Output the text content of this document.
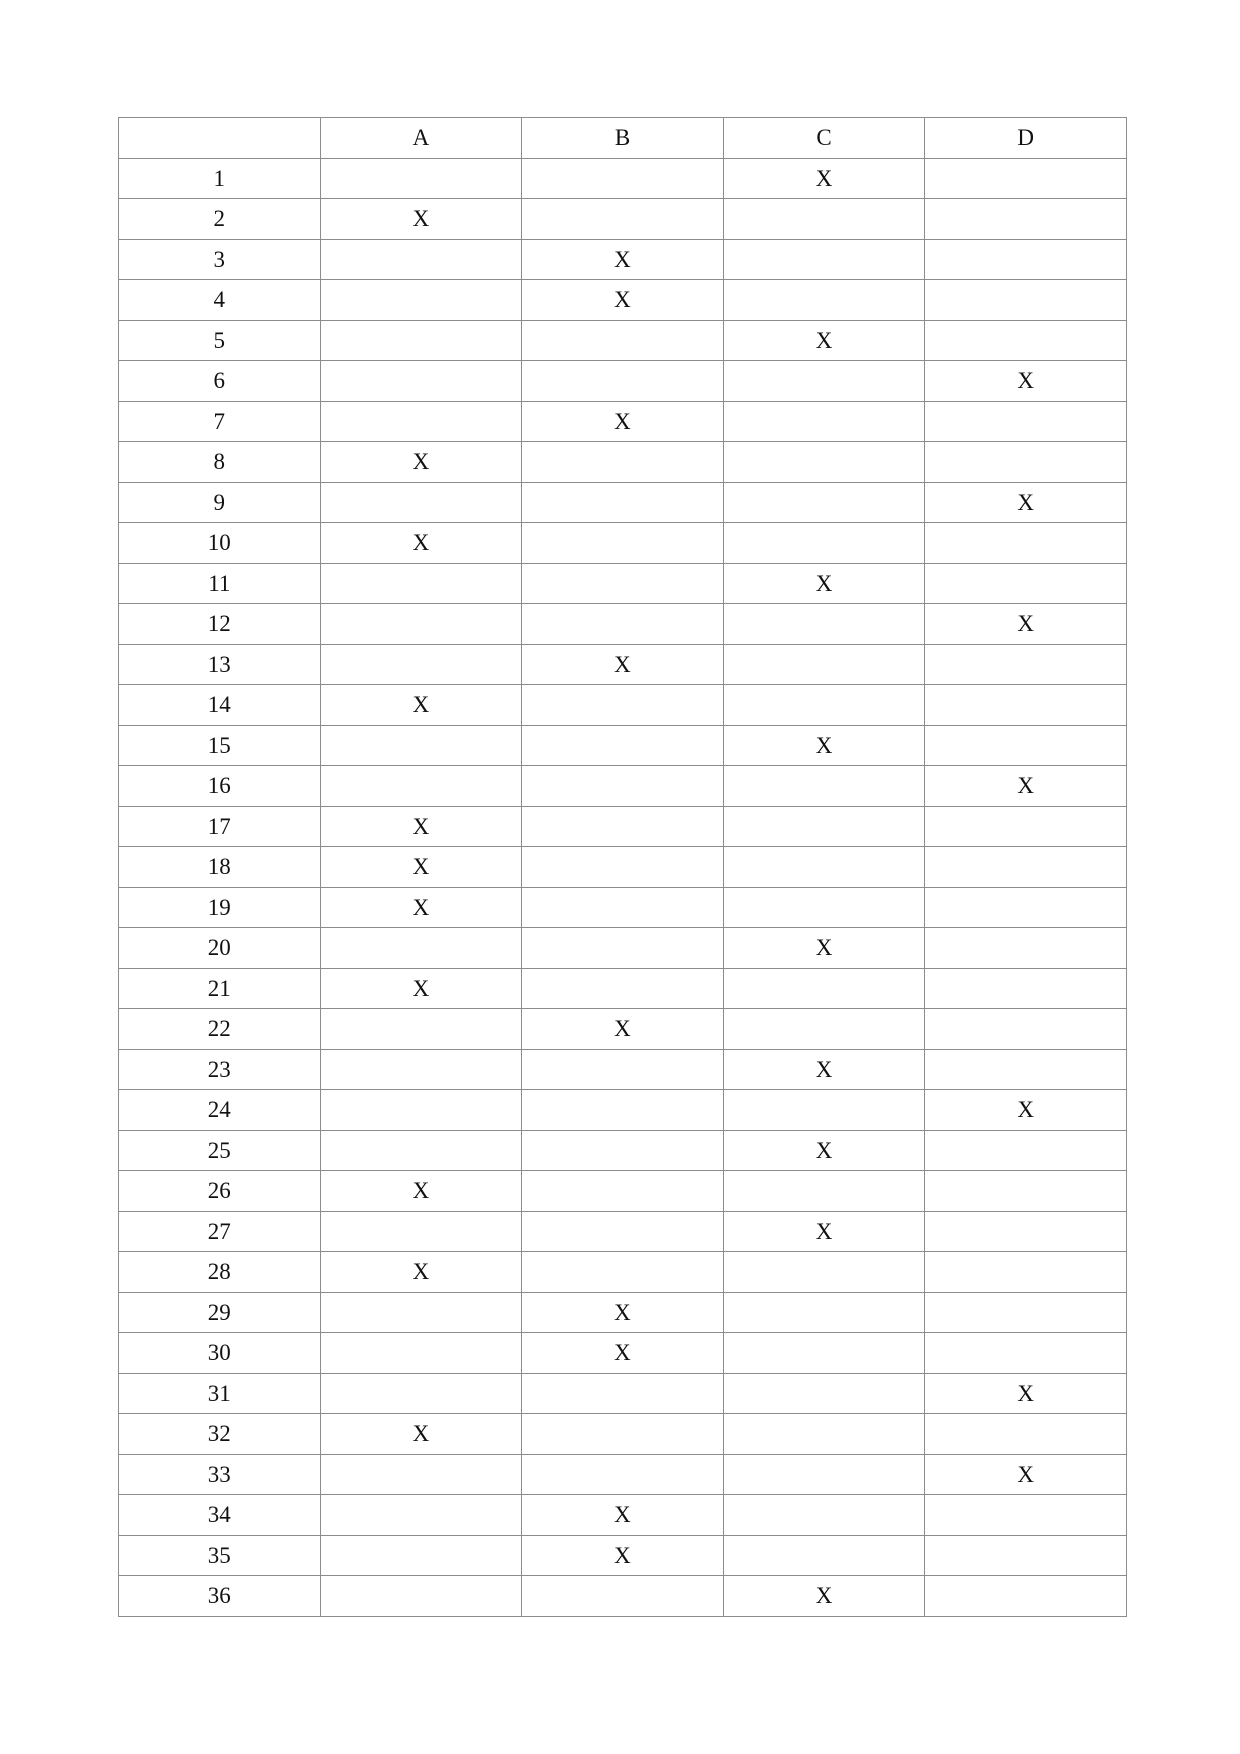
	A	B	C	D
1			X	
2	X			
3		X		
4		X		
5			X	
6				X
7		X		
8	X			
9				X
10	X			
11			X	
12				X
13		X		
14	X			
15			X	
16				X
17	X			
18	X			
19	X			
20			X	
21	X			
22		X		
23			X	
24				X
25			X	
26	X			
27			X	
28	X			
29		X		
30		X		
31				X
32	X			
33				X
34		X		
35		X		
36			X	
